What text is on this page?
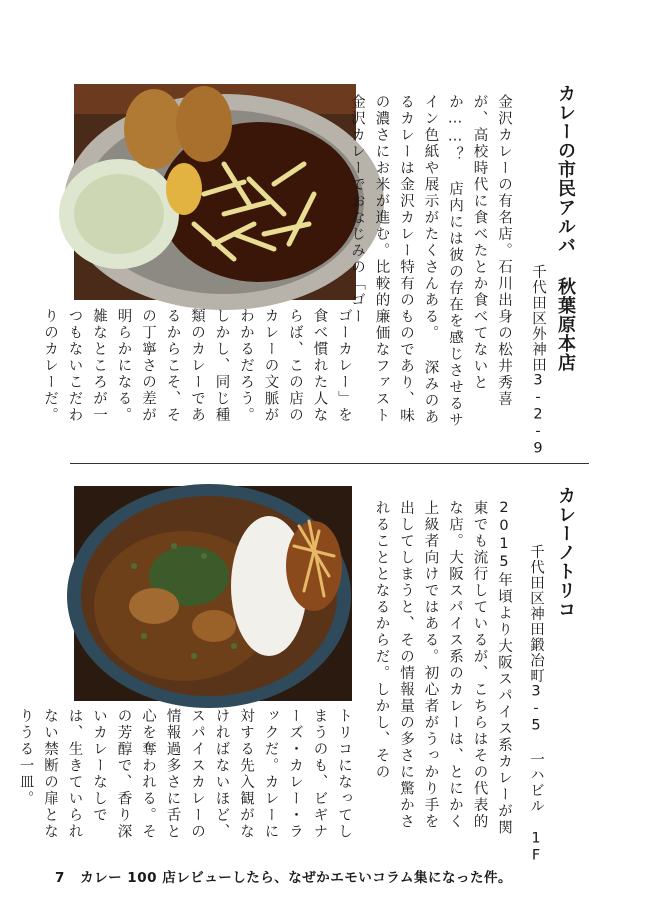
カレーの市民アルバ 秋葉原本店
千代田区外神田3-2-9

金沢カレーの有名店。石川出身の松井秀喜が、高校時代に食べたとか食べてないとか……？ 店内には彼の存在を感じさせるサイン色紙や展示がたくさんある。 深みのあるカレーは金沢カレー特有のものであり、味の濃さにお米が進む。比較的廉価なファスト金沢カレーでおなじみの「ゴー

ゴーカレー」を食べ慣れた人ならば、この店のカレーの文脈がわかるだろう。しかし、同じ種類のカレーであるからこそ、その丁寧さの差が明らかになる。雑なところが一つもないこだわりのカレーだ。

カレーノトリコ
千代田区神田鍛冶町3-5 一ハビル 1F

2015年頃より大阪スパイス系カレーが関東でも流行しているが、こちらはその代表的な店。大阪スパイス系のカレーは、とにかく上級者向けではある。初心者がうっかり手を出してしまうと、その情報量の多さに驚かされることとなるからだ。しかし、その

トリコになってしまうのも、ビギナーズ・カレー・ラックだ。カレーに対する先入観がなければないほど、スパイスカレーの情報過多さに舌と心を奪われる。その芳醇で、香り深いカレーなしでは、生きていられない禁断の扉となりうる一皿。

7 カレー 100 店レビューしたら、なぜかエモいコラム集になった件。
